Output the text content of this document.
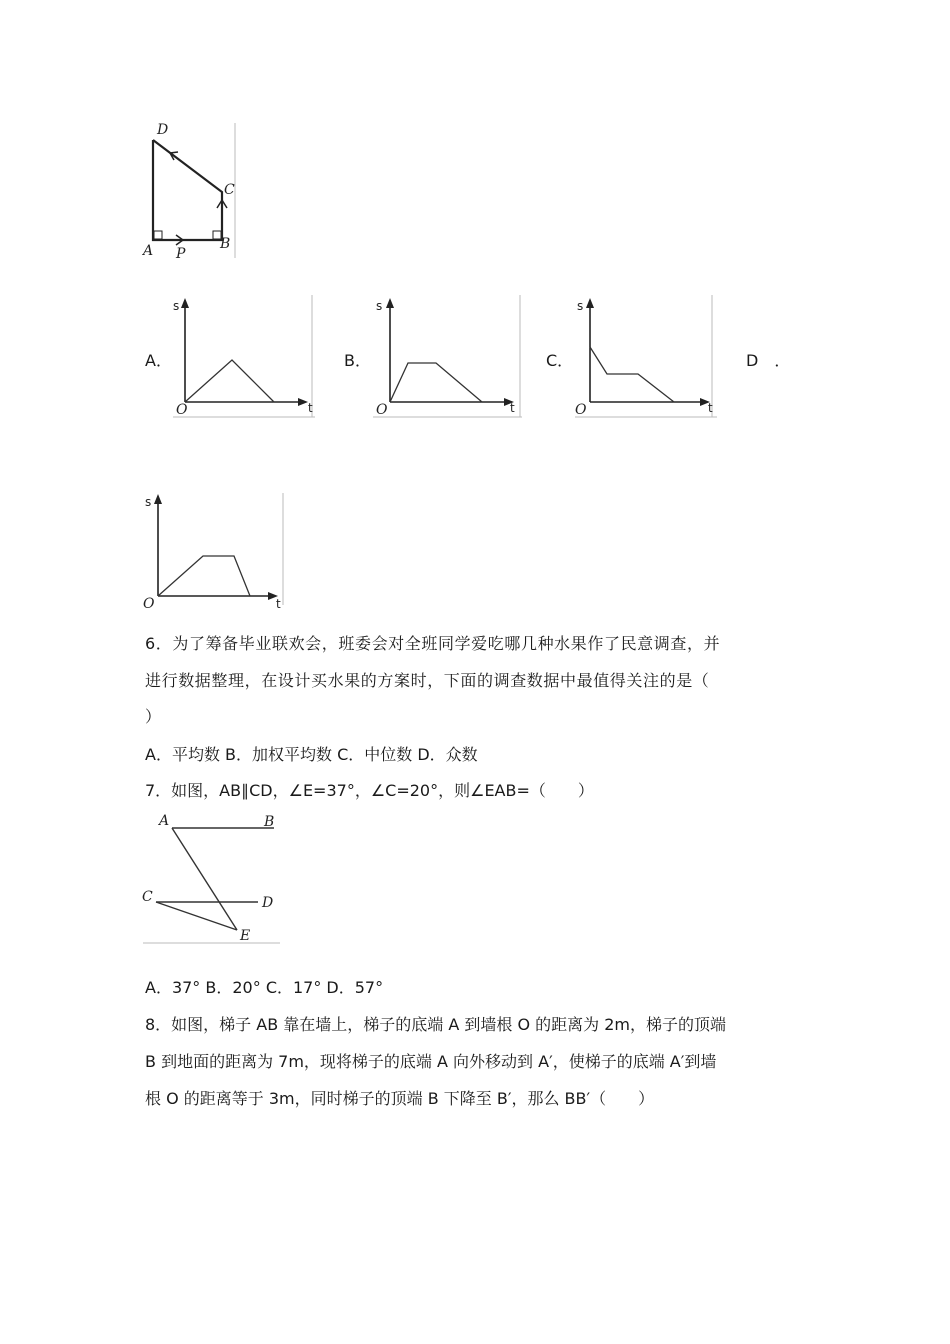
D
C
A	B
P
A．	B．	C．	D　．
s
t
O
s
t
O
s
t
O
s
t
O
6．为了筹备毕业联欢会，班委会对全班同学爱吃哪几种水果作了民意调查，并
进行数据整理，在设计买水果的方案时，下面的调查数据中最值得关注的是（
）
A．平均数 B．加权平均数 C．中位数 D．众数
7．如图，AB∥CD，∠E=37°，∠C=20°，则∠EAB=（　　）
A	B
C	D
E
A．37° B．20° C．17° D．57°
8．如图，梯子 AB 靠在墙上，梯子的底端 A 到墙根 O 的距离为 2m，梯子的顶端
B 到地面的距离为 7m，现将梯子的底端 A 向外移动到 A′，使梯子的底端 A′到墙
根 O 的距离等于 3m，同时梯子的顶端 B 下降至 B′，那么 BB′（　　）
